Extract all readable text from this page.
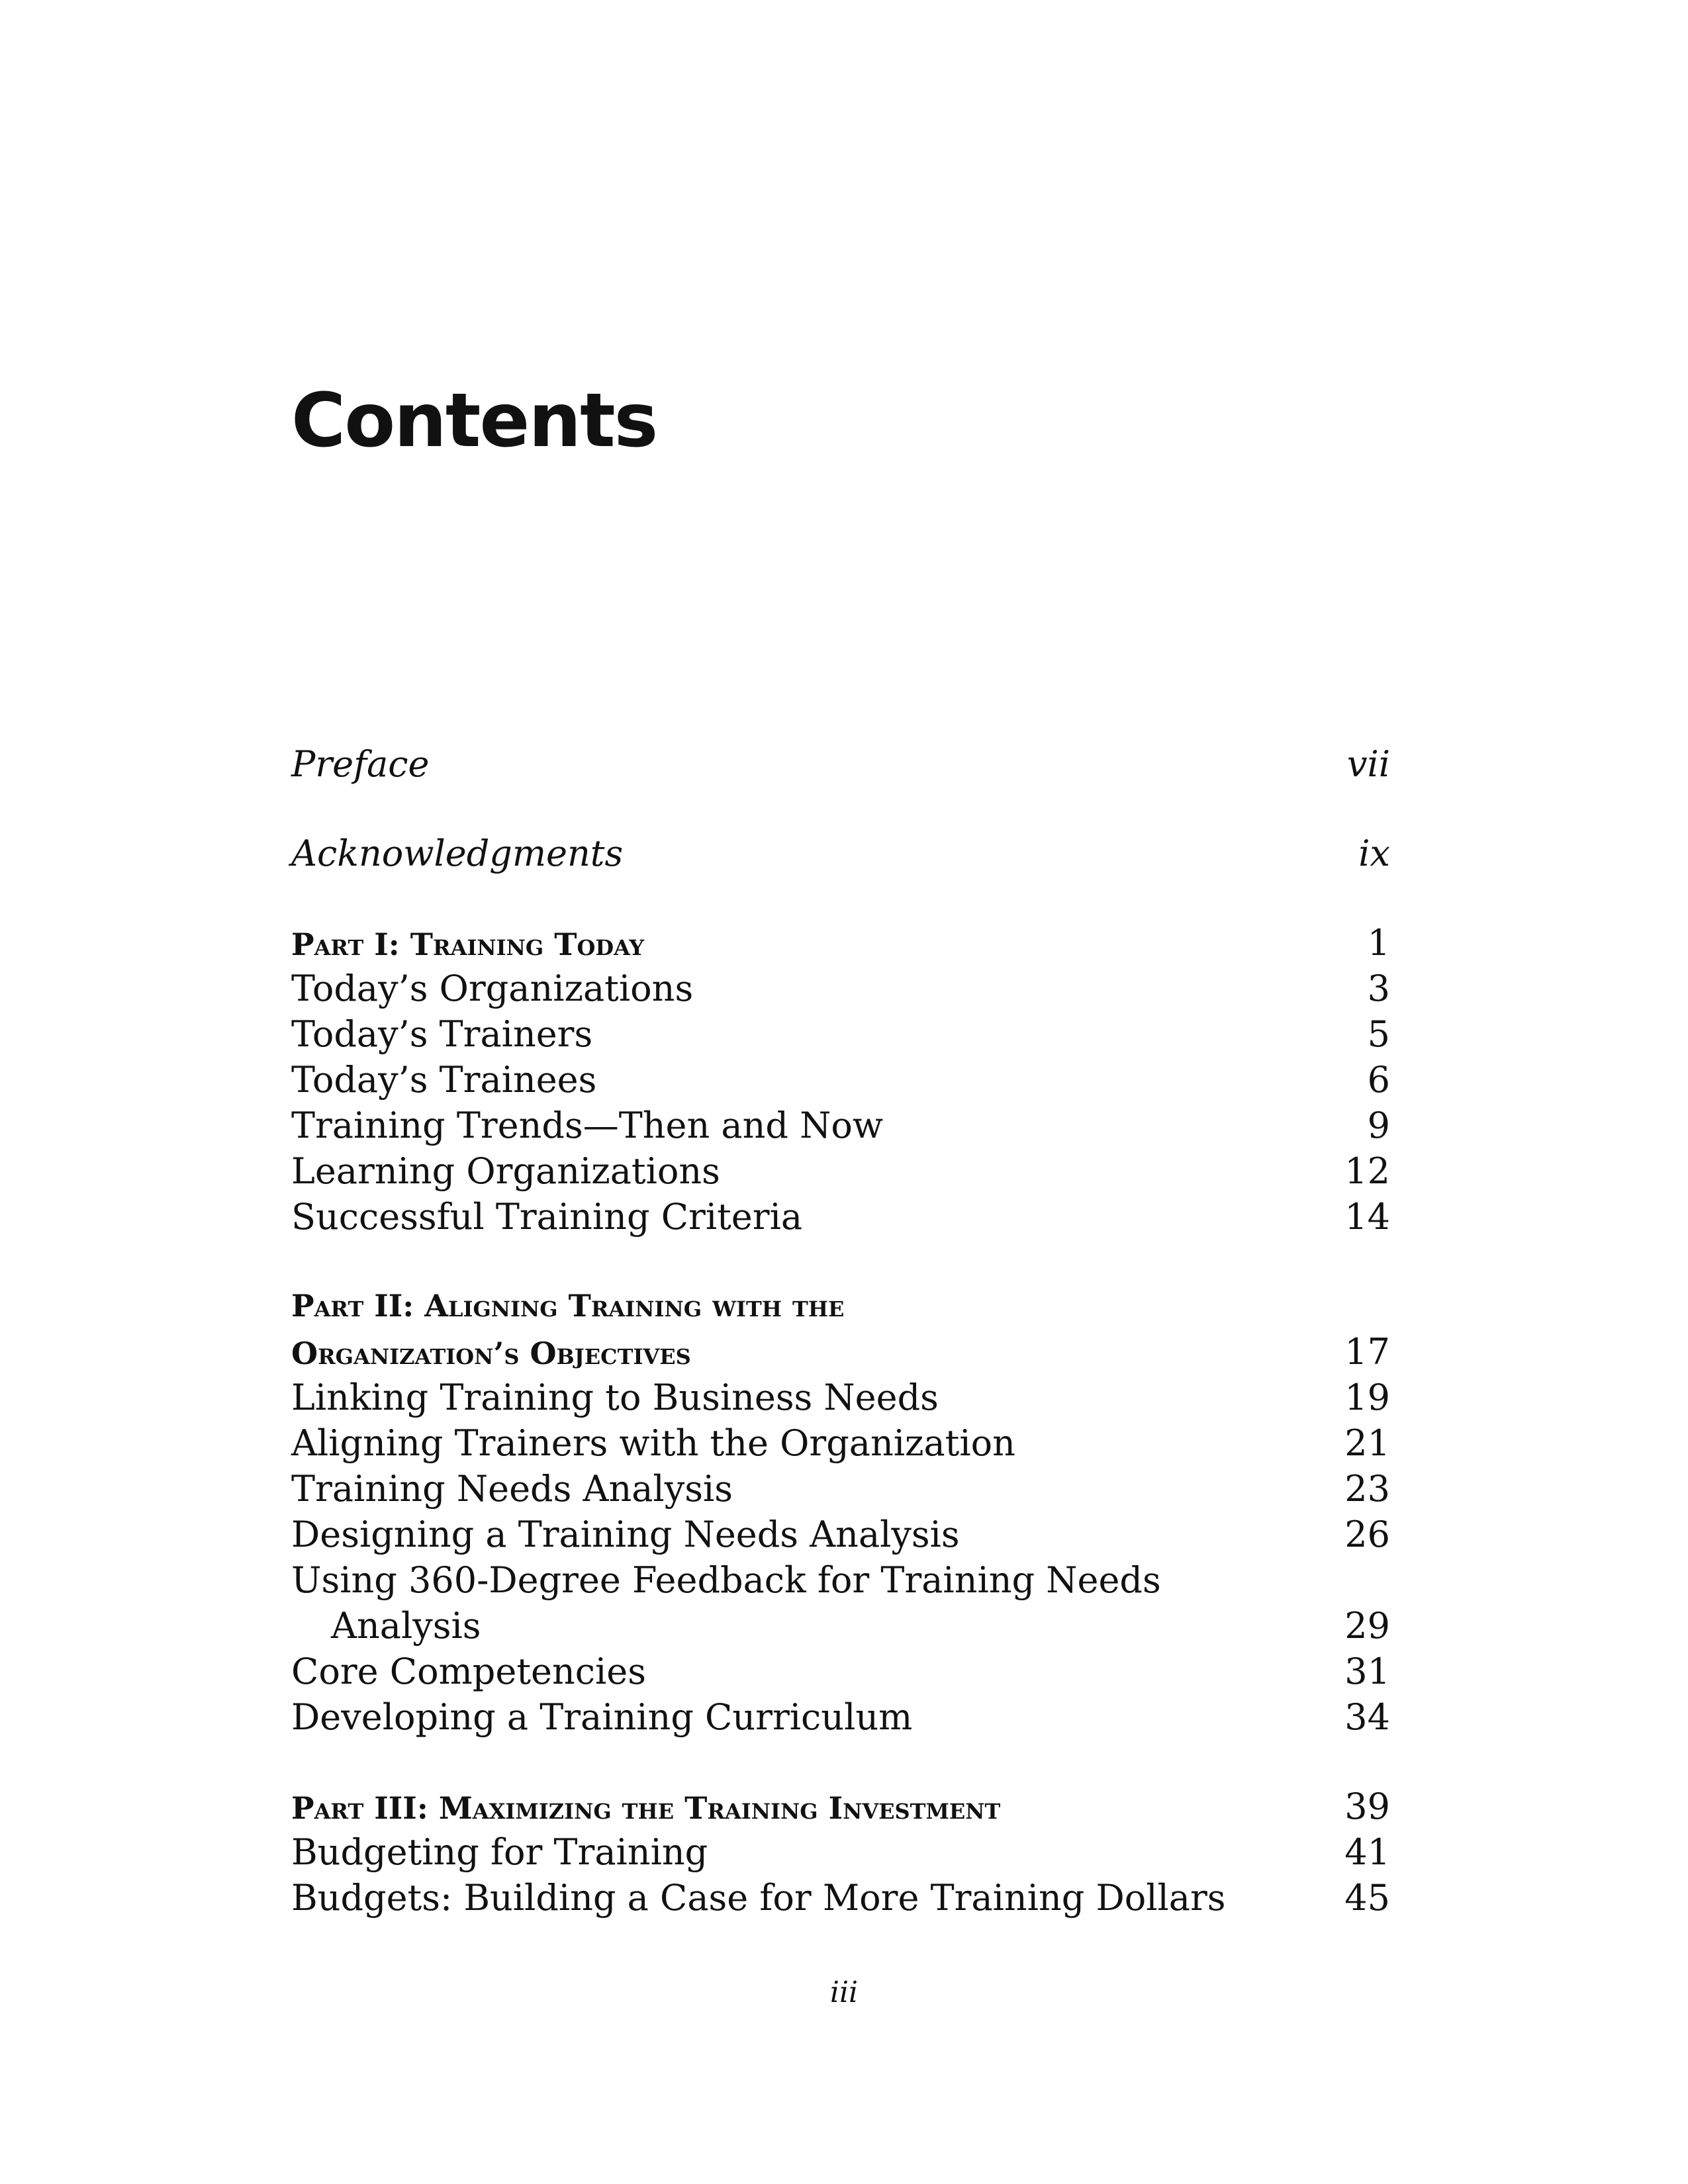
Contents
Preface	vii
Acknowledgments	ix
Part I: Training Today	1
Today’s Organizations	3
Today’s Trainers	5
Today’s Trainees	6
Training Trends—Then and Now	9
Learning Organizations	12
Successful Training Criteria	14
Part II: Aligning Training with the
Organization’s Objectives	17
Linking Training to Business Needs	19
Aligning Trainers with the Organization	21
Training Needs Analysis	23
Designing a Training Needs Analysis	26
Using 360-Degree Feedback for Training Needs
Analysis	29
Core Competencies	31
Developing a Training Curriculum	34
Part III: Maximizing the Training Investment	39
Budgeting for Training	41
Budgets: Building a Case for More Training Dollars	45
iii
